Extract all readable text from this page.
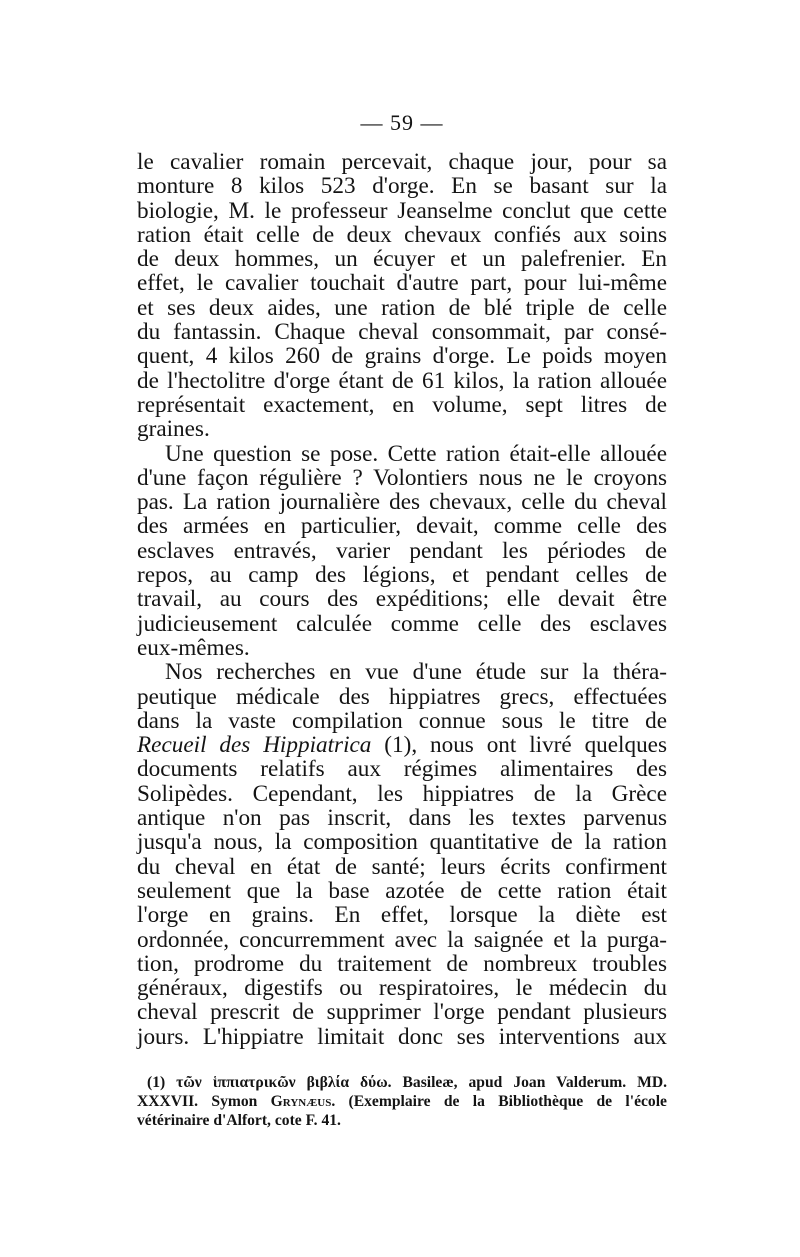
— 59 —

le cavalier romain percevait, chaque jour, pour sa
monture 8 kilos 523 d'orge. En se basant sur la
biologie, M. le professeur Jeanselme conclut que cette
ration était celle de deux chevaux confiés aux soins
de deux hommes, un écuyer et un palefrenier. En
effet, le cavalier touchait d'autre part, pour lui-même
et ses deux aides, une ration de blé triple de celle
du fantassin. Chaque cheval consommait, par consé-
quent, 4 kilos 260 de grains d'orge. Le poids moyen
de l'hectolitre d'orge étant de 61 kilos, la ration allouée
représentait exactement, en volume, sept litres de
graines.

Une question se pose. Cette ration était-elle allouée
d'une façon régulière ? Volontiers nous ne le croyons
pas. La ration journalière des chevaux, celle du cheval
des armées en particulier, devait, comme celle des
esclaves entravés, varier pendant les périodes de
repos, au camp des légions, et pendant celles de
travail, au cours des expéditions; elle devait être
judicieusement calculée comme celle des esclaves
eux-mêmes.

Nos recherches en vue d'une étude sur la théra-
peutique médicale des hippiatres grecs, effectuées
dans la vaste compilation connue sous le titre de
Recueil des Hippiatrica (1), nous ont livré quelques
documents relatifs aux régimes alimentaires des
Solipèdes. Cependant, les hippiatres de la Grèce
antique n'on pas inscrit, dans les textes parvenus
jusqu'a nous, la composition quantitative de la ration
du cheval en état de santé; leurs écrits confirment
seulement que la base azotée de cette ration était
l'orge en grains. En effet, lorsque la diète est
ordonnée, concurremment avec la saignée et la purga-
tion, prodrome du traitement de nombreux troubles
généraux, digestifs ou respiratoires, le médecin du
cheval prescrit de supprimer l'orge pendant plusieurs
jours. L'hippiatre limitait donc ses interventions aux

(1) τῶν ἱππιατρικῶν βιβλία δύω. Basileæ, apud Joan Valderum. MD.
XXXVII. Symon Grynæus. (Exemplaire de la Bibliothèque de l'école
vétérinaire d'Alfort, cote F. 41.
